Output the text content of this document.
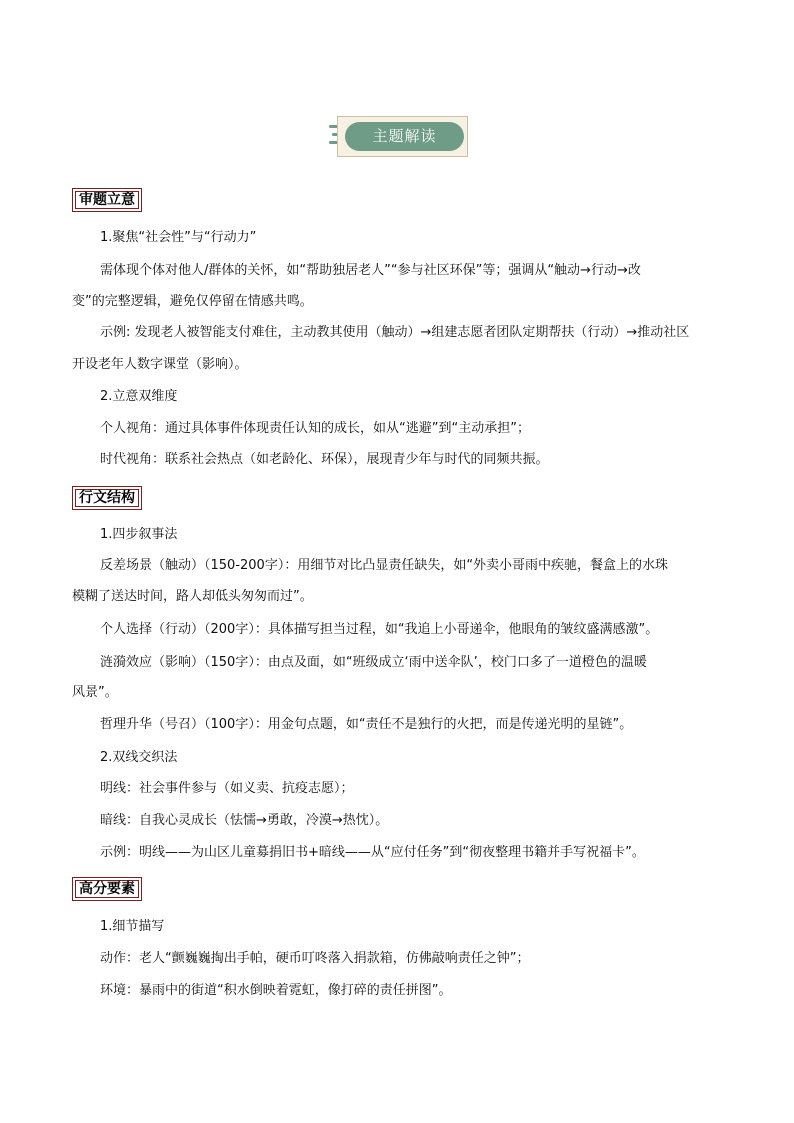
主题解读
审题立意
1.聚焦“社会性”与“行动力”
需体现个体对他人/群体的关怀，如“帮助独居老人”“参与社区环保”等；强调从“触动→行动→改
变”的完整逻辑，避免仅停留在情感共鸣。
示例: 发现老人被智能支付难住，主动教其使用（触动）→组建志愿者团队定期帮扶（行动）→推动社区
开设老年人数字课堂（影响）。
2.立意双维度
个人视角：通过具体事件体现责任认知的成长，如从“逃避”到“主动承担”；
时代视角：联系社会热点（如老龄化、环保），展现青少年与时代的同频共振。
行文结构
1.四步叙事法
反差场景（触动）（150-200字）：用细节对比凸显责任缺失，如“外卖小哥雨中疾驰，餐盒上的水珠
模糊了送达时间，路人却低头匆匆而过”。
个人选择（行动）（200字）：具体描写担当过程，如“我追上小哥递伞，他眼角的皱纹盛满感激”。
涟漪效应（影响）（150字）：由点及面，如“班级成立‘雨中送伞队’，校门口多了一道橙色的温暖
风景”。
哲理升华（号召）（100字）：用金句点题，如“责任不是独行的火把，而是传递光明的星链”。
2.双线交织法
明线：社会事件参与（如义卖、抗疫志愿）；
暗线：自我心灵成长（怯懦→勇敢，冷漠→热忱）。
示例：明线——为山区儿童募捐旧书+暗线——从“应付任务”到“彻夜整理书籍并手写祝福卡”。
高分要素
1.细节描写
动作：老人“颤巍巍掏出手帕，硬币叮咚落入捐款箱，仿佛敲响责任之钟”；
环境：暴雨中的街道“积水倒映着霓虹，像打碎的责任拼图”。
